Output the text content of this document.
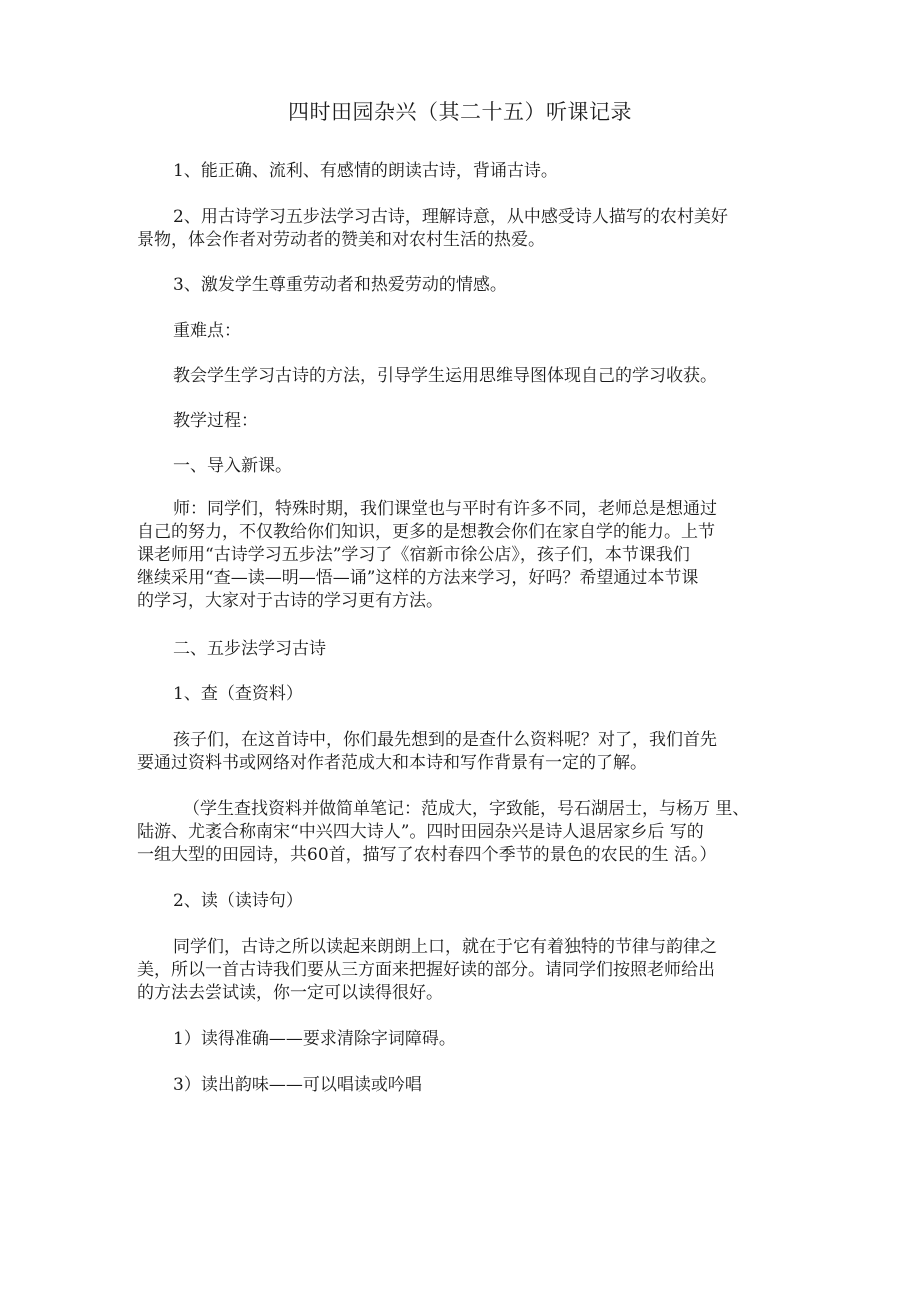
四时田园杂兴（其二十五）听课记录

1、能正确、流利、有感情的朗读古诗，背诵古诗。

2、用古诗学习五步法学习古诗，理解诗意，从中感受诗人描写的农村美好
景物，体会作者对劳动者的赞美和对农村生活的热爱。

3、激发学生尊重劳动者和热爱劳动的情感。

重难点：

教会学生学习古诗的方法，引导学生运用思维导图体现自己的学习收获。

教学过程：

一、导入新课。

师：同学们，特殊时期，我们课堂也与平时有许多不同，老师总是想通过
自己的努力，不仅教给你们知识，更多的是想教会你们在家自学的能力。上节
课老师用“古诗学习五步法”学习了《宿新市徐公店》，孩子们，本节课我们
继续采用“查—读—明—悟—诵”这样的方法来学习，好吗？希望通过本节课
的学习，大家对于古诗的学习更有方法。

二、五步法学习古诗

1、查（查资料）

孩子们，在这首诗中，你们最先想到的是查什么资料呢？对了，我们首先
要通过资料书或网络对作者范成大和本诗和写作背景有一定的了解。

（学生查找资料并做简单笔记：范成大，字致能，号石湖居士，与杨万 里、
陆游、尤袤合称南宋“中兴四大诗人”。四时田园杂兴是诗人退居家乡后 写的
一组大型的田园诗，共60首，描写了农村春四个季节的景色的农民的生 活。）

2、读（读诗句）

同学们，古诗之所以读起来朗朗上口，就在于它有着独特的节律与韵律之
美，所以一首古诗我们要从三方面来把握好读的部分。请同学们按照老师给出
的方法去尝试读，你一定可以读得很好。

1）读得准确——要求清除字词障碍。

3）读出韵味——可以唱读或吟唱
